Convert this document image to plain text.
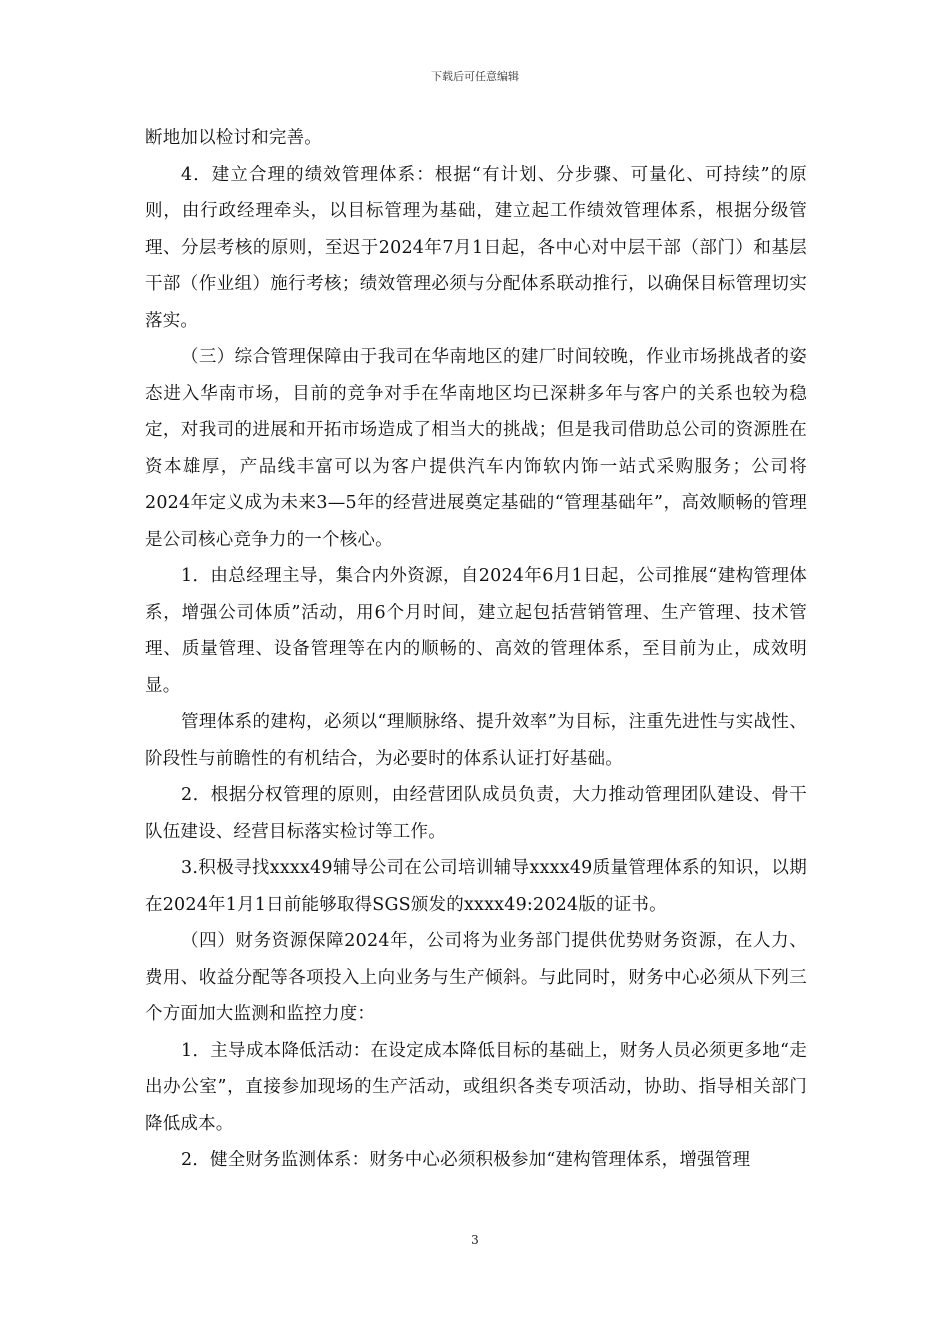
下载后可任意编辑

断地加以检讨和完善。

4．建立合理的绩效管理体系：根据“有计划、分步骤、可量化、可持续”的原则，由行政经理牵头，以目标管理为基础，建立起工作绩效管理体系，根据分级管理、分层考核的原则，至迟于2024年7月1日起，各中心对中层干部（部门）和基层干部（作业组）施行考核；绩效管理必须与分配体系联动推行，以确保目标管理切实落实。

（三）综合管理保障由于我司在华南地区的建厂时间较晚，作业市场挑战者的姿态进入华南市场，目前的竞争对手在华南地区均已深耕多年与客户的关系也较为稳定，对我司的进展和开拓市场造成了相当大的挑战；但是我司借助总公司的资源胜在资本雄厚，产品线丰富可以为客户提供汽车内饰软内饰一站式采购服务；公司将2024年定义成为未来3—5年的经营进展奠定基础的“管理基础年”，高效顺畅的管理是公司核心竞争力的一个核心。

1．由总经理主导，集合内外资源，自2024年6月1日起，公司推展“建构管理体系，增强公司体质”活动，用6个月时间，建立起包括营销管理、生产管理、技术管理、质量管理、设备管理等在内的顺畅的、高效的管理体系，至目前为止，成效明显。

管理体系的建构，必须以“理顺脉络、提升效率”为目标，注重先进性与实战性、阶段性与前瞻性的有机结合，为必要时的体系认证打好基础。

2．根据分权管理的原则，由经营团队成员负责，大力推动管理团队建设、骨干队伍建设、经营目标落实检讨等工作。

3.积极寻找xxxx49辅导公司在公司培训辅导xxxx49质量管理体系的知识，以期在2024年1月1日前能够取得SGS颁发的xxxx49:2024版的证书。

（四）财务资源保障2024年，公司将为业务部门提供优势财务资源，在人力、费用、收益分配等各项投入上向业务与生产倾斜。与此同时，财务中心必须从下列三个方面加大监测和监控力度：

1．主导成本降低活动：在设定成本降低目标的基础上，财务人员必须更多地“走出办公室”，直接参加现场的生产活动，或组织各类专项活动，协助、指导相关部门降低成本。

2．健全财务监测体系：财务中心必须积极参加“建构管理体系，增强管理

3
